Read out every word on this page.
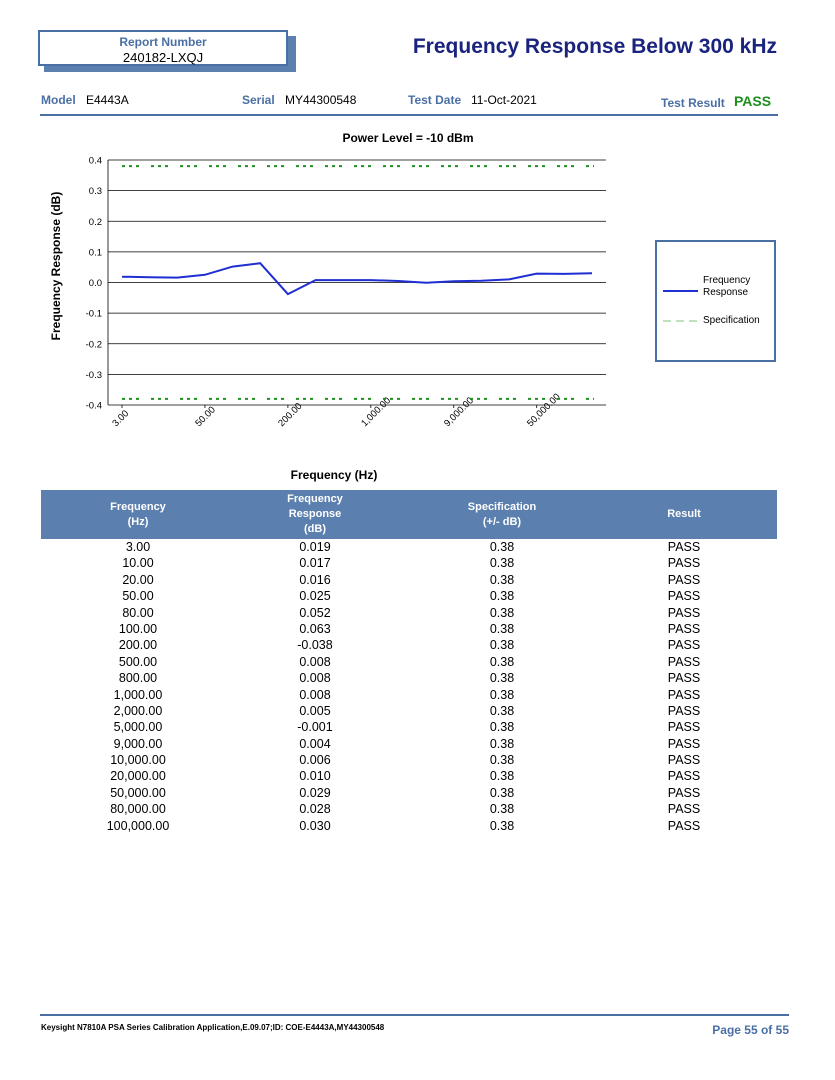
Report Number
240182-LXQJ	Frequency Response Below 300 kHz
Model E4443A	Serial MY44300548	Test Date 11-Oct-2021	Test Result PASS
Power Level = -10 dBm
0.4
0.3
0.2
0.1
0.0
-0.1
-0.2
-0.3
-0.4
3.00	50.00	200.00	1,000.00	9,000.00	50,000.00
Frequency Response (dB)
Frequency (Hz)
Frequency Response
Specification
Frequency
(Hz)
Frequency
Response
(dB)
Specification
(+/- dB)
Result
3.00	0.019	0.38	PASS
10.00	0.017	0.38	PASS
20.00	0.016	0.38	PASS
50.00	0.025	0.38	PASS
80.00	0.052	0.38	PASS
100.00	0.063	0.38	PASS
200.00	-0.038	0.38	PASS
500.00	0.008	0.38	PASS
800.00	0.008	0.38	PASS
1,000.00	0.008	0.38	PASS
2,000.00	0.005	0.38	PASS
5,000.00	-0.001	0.38	PASS
9,000.00	0.004	0.38	PASS
10,000.00	0.006	0.38	PASS
20,000.00	0.010	0.38	PASS
50,000.00	0.029	0.38	PASS
80,000.00	0.028	0.38	PASS
100,000.00	0.030	0.38	PASS
Keysight N7810A PSA Series Calibration Application,E.09.07;ID: COE-E4443A,MY44300548	Page 55 of 55
